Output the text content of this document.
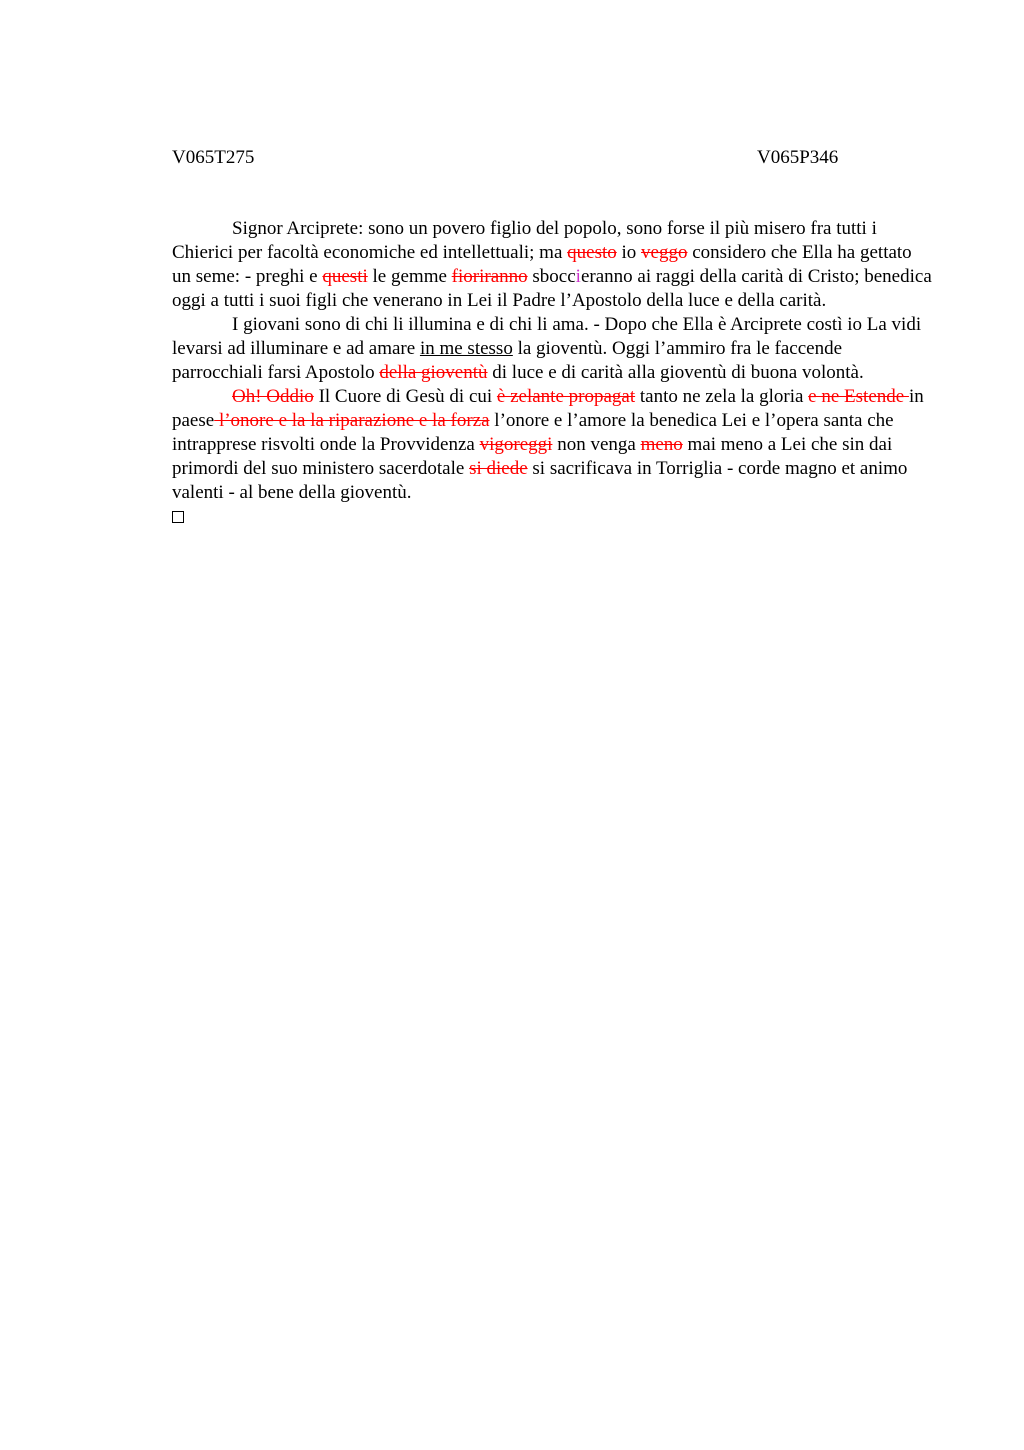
V065T275	V065P346

Signor Arciprete: sono un povero figlio del popolo, sono forse il più misero fra tutti i Chierici per facoltà economiche ed intellettuali; ma questo io veggo considero che Ella ha gettato un seme: - preghi e questi le gemme fioriranno sboccieranno ai raggi della carità di Cristo; benedica oggi a tutti i suoi figli che venerano in Lei il Padre l’Apostolo della luce e della carità.

I giovani sono di chi li illumina e di chi li ama. - Dopo che Ella è Arciprete costì io La vidi levarsi ad illuminare e ad amare in me stesso la gioventù. Oggi l’ammiro fra le faccende parrocchiali farsi Apostolo della gioventù di luce e di carità alla gioventù di buona volontà.

Oh! Oddio Il Cuore di Gesù di cui è zelante propagat tanto ne zela la gloria e ne Estende in paese l’onore e la la riparazione e la forza l’onore e l’amore la benedica Lei e l’opera santa che intrapprese risvolti onde la Provvidenza vigoreggi non venga meno mai meno a Lei che sin dai primordi del suo ministero sacerdotale si diede si sacrificava in Torriglia - corde magno et animo valenti - al bene della gioventù.
